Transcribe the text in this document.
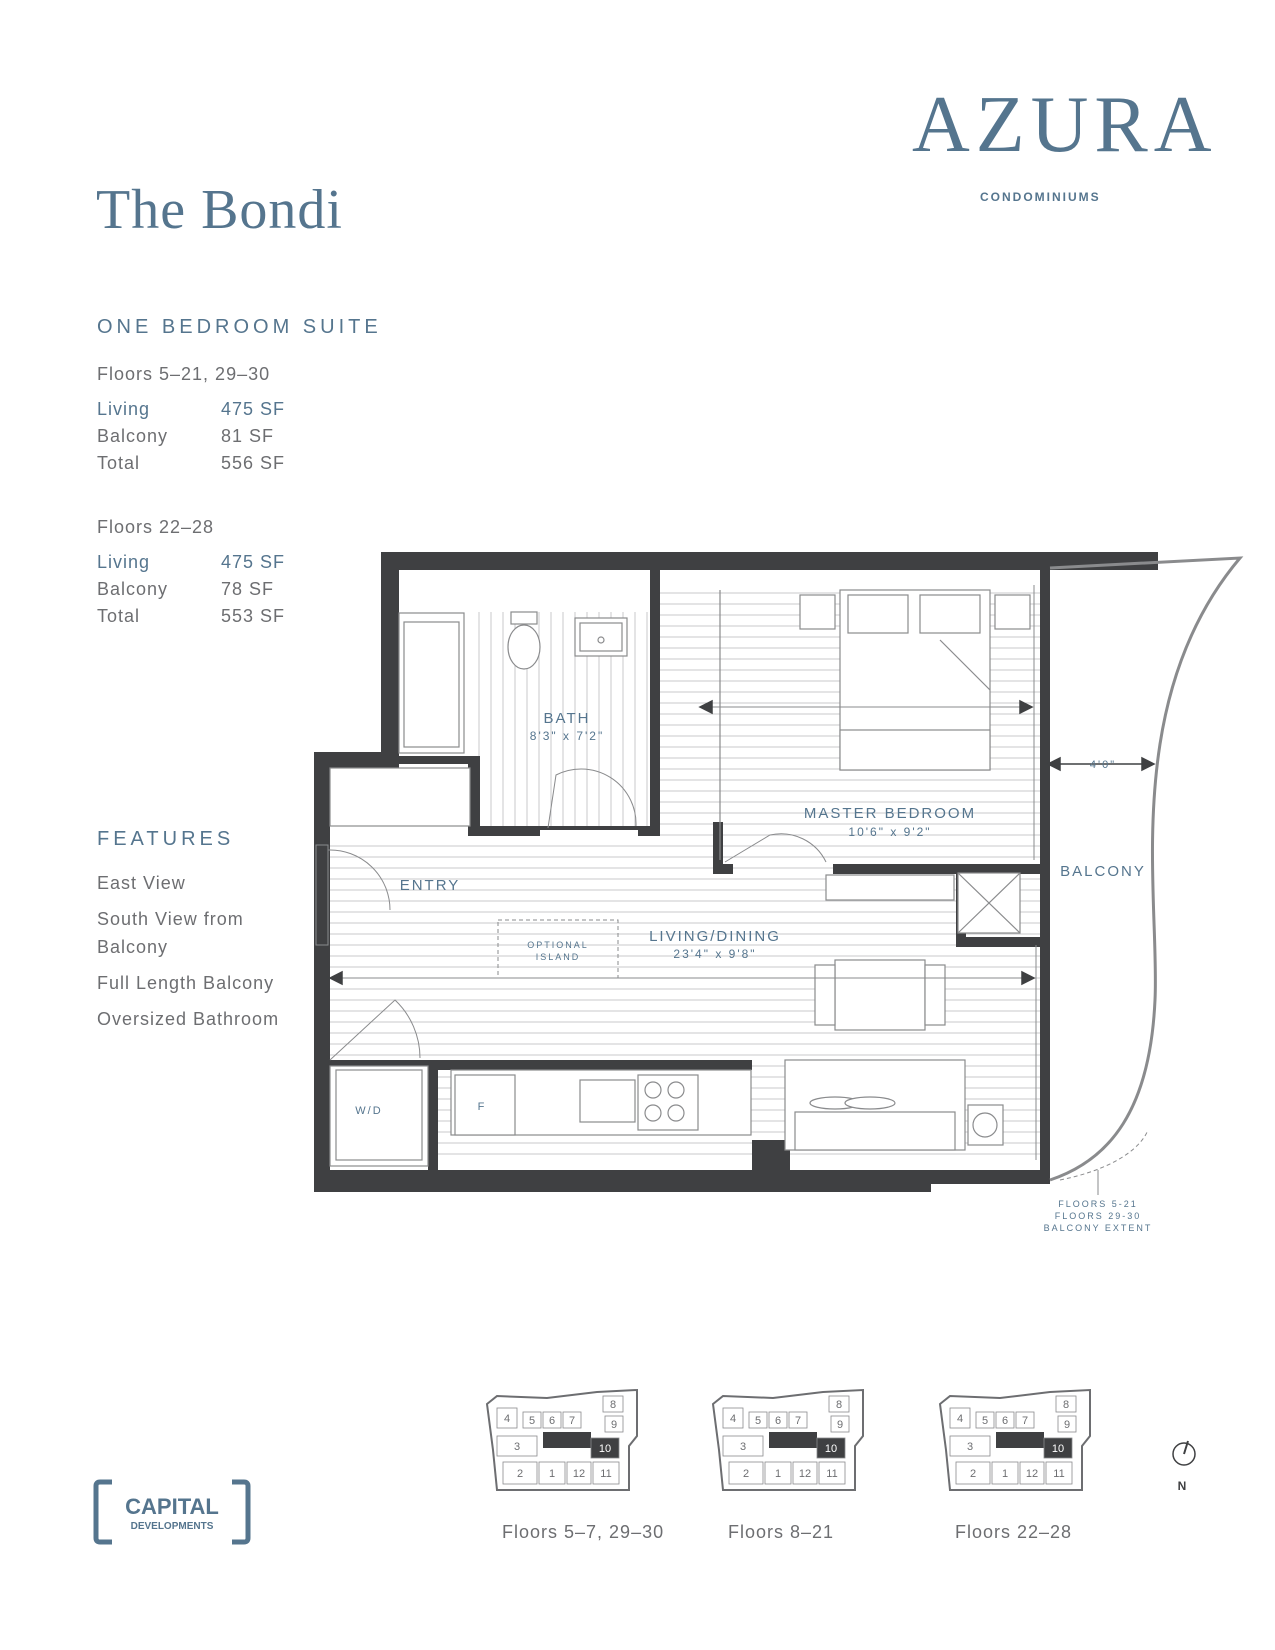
AZURA
CONDOMINIUMS
The Bondi
ONE BEDROOM SUITE
Floors 5–21, 29–30
Living	475 SF
Balcony	81 SF
Total	556 SF
Floors 22–28
Living	475 SF
Balcony	78 SF
Total	553 SF
FEATURES
East View
South View from
Balcony
Full Length Balcony
Oversized Bathroom
BATH
8'3" x 7'2"
MASTER BEDROOM
10'6" x 9'2"
ENTRY
LIVING/DINING
23'4" x 9'8"
BALCONY
4'0"
OPTIONAL
ISLAND
W/D	F
FLOORS 5-21
FLOORS 29-30
BALCONY EXTENT
4 5 6 7
8
9
3	10
2 1 12 11
4 5 6 7
8
9
3	10
2 1 12 11
4 5 6 7
8
9
3	10
2 1 12 11
N
CAPITAL
DEVELOPMENTS	Floors 5–7, 29–30	Floors 8–21	Floors 22–28
